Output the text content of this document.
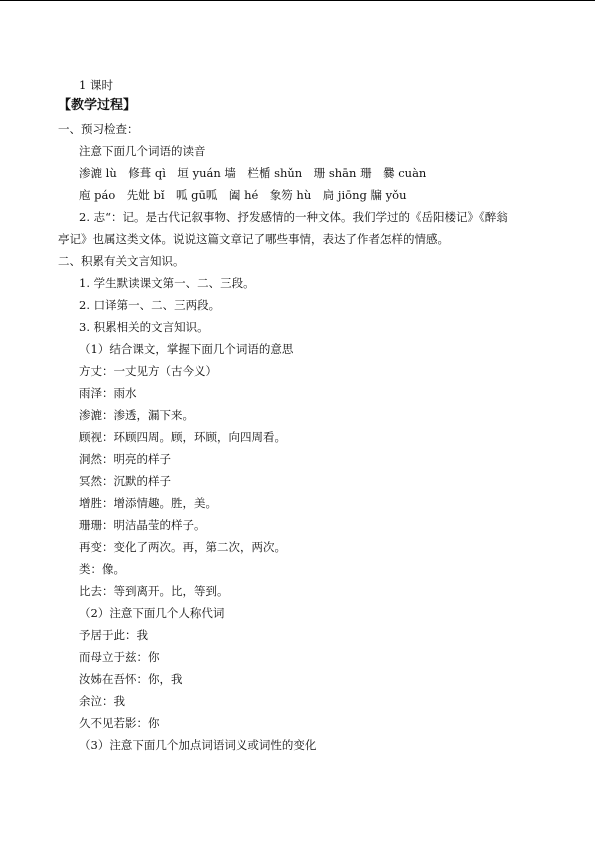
1 课时
【教学过程】
一、预习检查：
注意下面几个词语的读音
渗漉 lù　修葺 qì　垣 yuán 墙　栏楯 shǔn　珊 shān 珊　爨 cuàn
庖 páo　先妣 bǐ　呱 gū呱　阖 hé　象笏 hù　扃 jiōng 牖 yǒu
2. 志“：记。是古代记叙事物、抒发感情的一种文体。我们学过的《岳阳楼记》《醉翁
亭记》也属这类文体。说说这篇文章记了哪些事情，表达了作者怎样的情感。
二、积累有关文言知识。
1. 学生默读课文第一、二、三段。
2. 口译第一、二、三两段。
3. 积累相关的文言知识。
（1）结合课文，掌握下面几个词语的意思
方丈：一丈见方（古今义）
雨泽：雨水
渗漉：渗透，漏下来。
顾视：环顾四周。顾，环顾，向四周看。
洞然：明亮的样子
冥然：沉默的样子
增胜：增添情趣。胜，美。
珊珊：明洁晶莹的样子。
再变：变化了两次。再，第二次，两次。
类：像。
比去：等到离开。比，等到。
（2）注意下面几个人称代词
予居于此：我
而母立于兹：你
汝姊在吾怀：你，我
余泣：我
久不见若影：你
（3）注意下面几个加点词语词义或词性的变化
